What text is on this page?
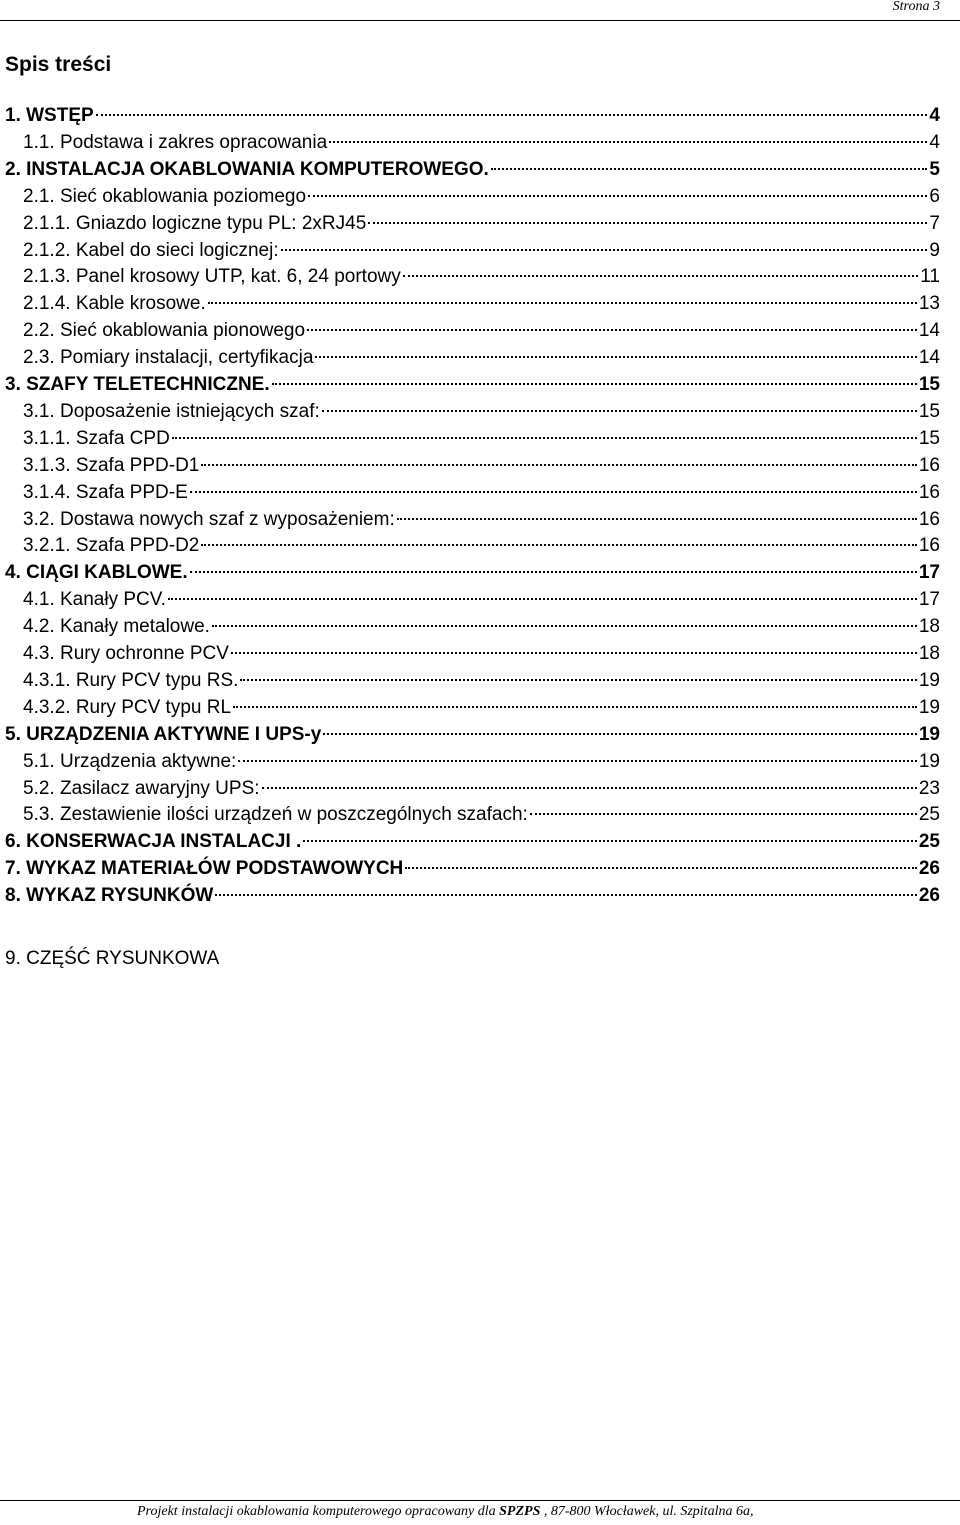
Strona 3
Spis treści
1. WSTĘP	4
1.1. Podstawa i zakres opracowania	4
2. INSTALACJA OKABLOWANIA KOMPUTEROWEGO.	5
2.1. Sieć okablowania poziomego	6
2.1.1. Gniazdo logiczne typu PL: 2xRJ45	7
2.1.2. Kabel do sieci logicznej:	9
2.1.3. Panel krosowy UTP, kat. 6, 24 portowy	11
2.1.4. Kable krosowe.	13
2.2. Sieć okablowania pionowego	14
2.3. Pomiary instalacji, certyfikacja	14
3. SZAFY TELETECHNICZNE.	15
3.1. Doposażenie istniejących szaf:	15
3.1.1. Szafa CPD	15
3.1.3. Szafa PPD-D1	16
3.1.4. Szafa PPD-E	16
3.2. Dostawa nowych szaf z wyposażeniem:	16
3.2.1. Szafa PPD-D2	16
4. CIĄGI KABLOWE.	17
4.1. Kanały PCV.	17
4.2. Kanały metalowe.	18
4.3. Rury ochronne PCV	18
4.3.1. Rury PCV typu RS.	19
4.3.2. Rury PCV typu RL	19
5. URZĄDZENIA AKTYWNE I UPS-y	19
5.1. Urządzenia aktywne:	19
5.2. Zasilacz awaryjny UPS:	23
5.3. Zestawienie ilości urządzeń w poszczególnych szafach:	25
6. KONSERWACJA INSTALACJI .	25
7. WYKAZ MATERIAŁÓW PODSTAWOWYCH	26
8. WYKAZ RYSUNKÓW	26
9. CZĘŚĆ RYSUNKOWA
Projekt instalacji okablowania komputerowego opracowany dla SPZPS , 87-800 Włocławek, ul. Szpitalna 6a,
